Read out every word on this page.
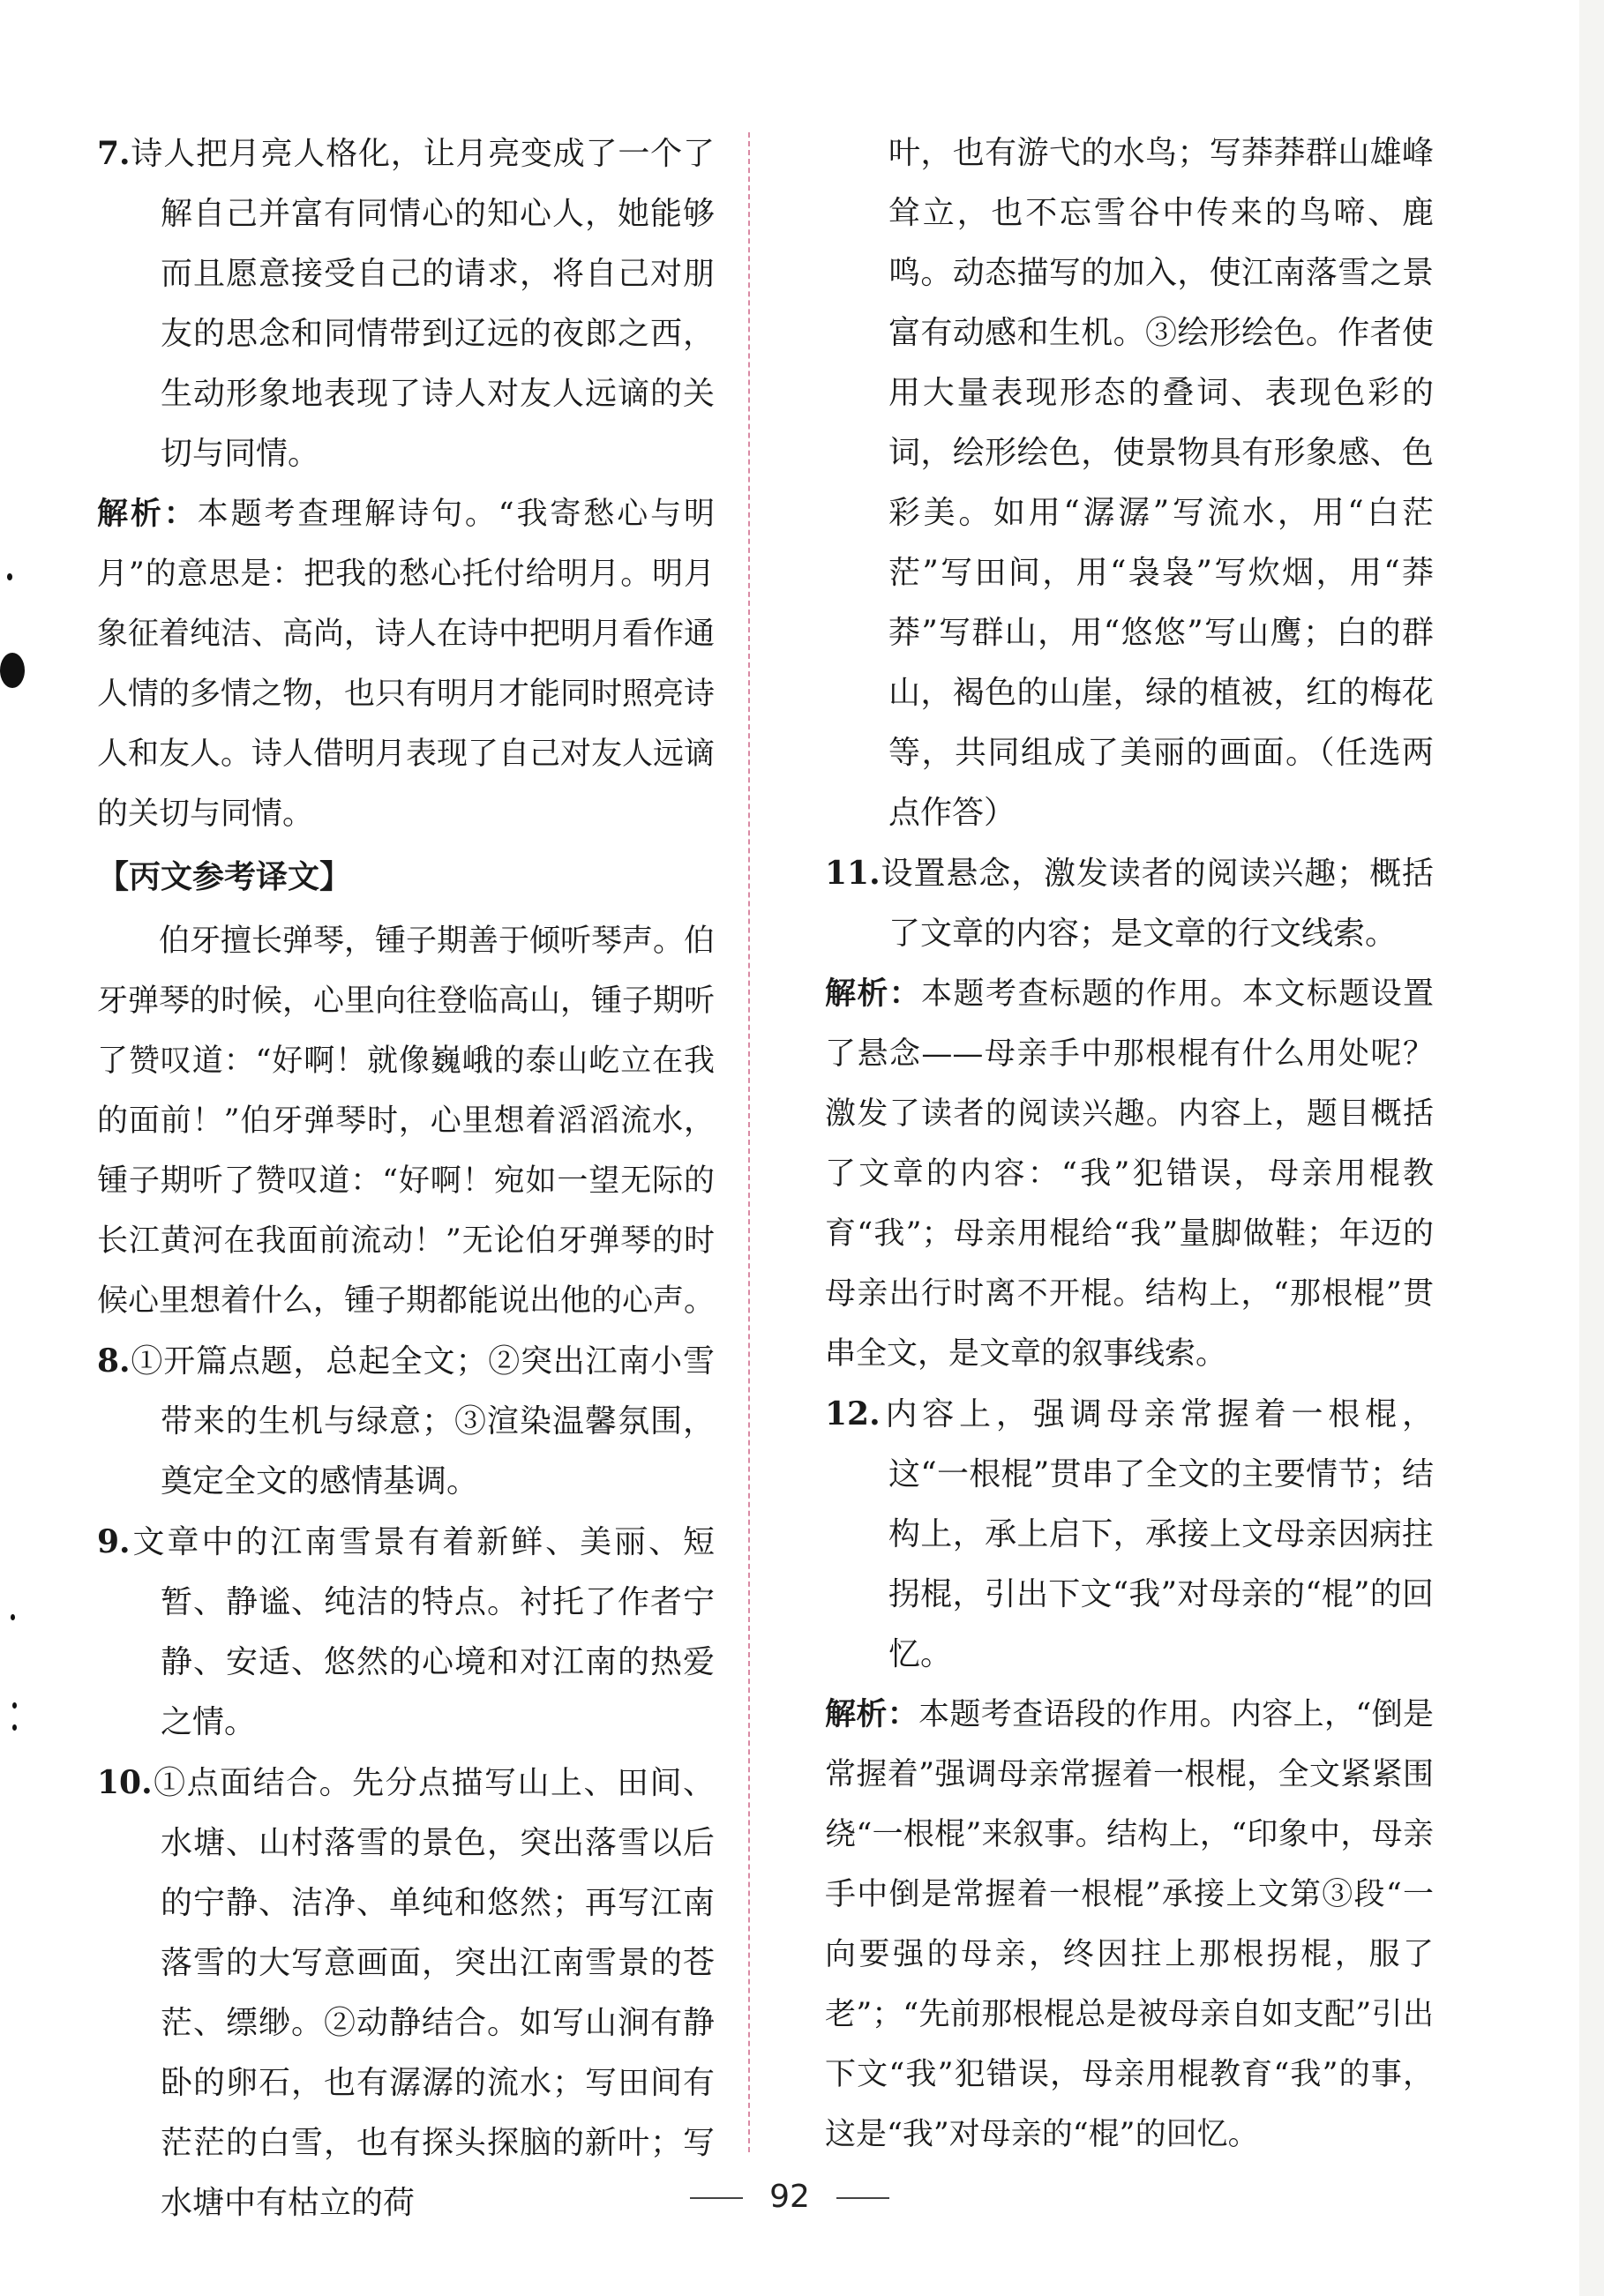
7.诗人把月亮人格化，让月亮变成了一个了解自己并富有同情心的知心人，她能够而且愿意接受自己的请求，将自己对朋友的思念和同情带到辽远的夜郎之西，生动形象地表现了诗人对友人远谪的关切与同情。

解析：本题考查理解诗句。“我寄愁心与明月”的意思是：把我的愁心托付给明月。明月象征着纯洁、高尚，诗人在诗中把明月看作通人情的多情之物，也只有明月才能同时照亮诗人和友人。诗人借明月表现了自己对友人远谪的关切与同情。

【丙文参考译文】

伯牙擅长弹琴，锺子期善于倾听琴声。伯牙弹琴的时候，心里向往登临高山，锺子期听了赞叹道：“好啊！就像巍峨的泰山屹立在我的面前！”伯牙弹琴时，心里想着滔滔流水，锺子期听了赞叹道：“好啊！宛如一望无际的长江黄河在我面前流动！”无论伯牙弹琴的时候心里想着什么，锺子期都能说出他的心声。

8.①开篇点题，总起全文；②突出江南小雪带来的生机与绿意；③渲染温馨氛围，奠定全文的感情基调。

9.文章中的江南雪景有着新鲜、美丽、短暂、静谧、纯洁的特点。衬托了作者宁静、安适、悠然的心境和对江南的热爱之情。

10.①点面结合。先分点描写山上、田间、水塘、山村落雪的景色，突出落雪以后的宁静、洁净、单纯和悠然；再写江南落雪的大写意画面，突出江南雪景的苍茫、缥缈。②动静结合。如写山涧有静卧的卵石，也有潺潺的流水；写田间有茫茫的白雪，也有探头探脑的新叶；写水塘中有枯立的荷

叶，也有游弋的水鸟；写莽莽群山雄峰耸立，也不忘雪谷中传来的鸟啼、鹿鸣。动态描写的加入，使江南落雪之景富有动感和生机。③绘形绘色。作者使用大量表现形态的叠词、表现色彩的词，绘形绘色，使景物具有形象感、色彩美。如用“潺潺”写流水，用“白茫茫”写田间，用“袅袅”写炊烟，用“莽莽”写群山，用“悠悠”写山鹰；白的群山，褐色的山崖，绿的植被，红的梅花等，共同组成了美丽的画面。（任选两点作答）

11.设置悬念，激发读者的阅读兴趣；概括了文章的内容；是文章的行文线索。

解析：本题考查标题的作用。本文标题设置了悬念——母亲手中那根棍有什么用处呢？激发了读者的阅读兴趣。内容上，题目概括了文章的内容：“我”犯错误，母亲用棍教育“我”；母亲用棍给“我”量脚做鞋；年迈的母亲出行时离不开棍。结构上，“那根棍”贯串全文，是文章的叙事线索。

12.内容上，强调母亲常握着一根棍，这“一根棍”贯串了全文的主要情节；结构上，承上启下，承接上文母亲因病拄拐棍，引出下文“我”对母亲的“棍”的回忆。

解析：本题考查语段的作用。内容上，“倒是常握着”强调母亲常握着一根棍，全文紧紧围绕“一根棍”来叙事。结构上，“印象中，母亲手中倒是常握着一根棍”承接上文第③段“一向要强的母亲，终因拄上那根拐棍，服了老”；“先前那根棍总是被母亲自如支配”引出下文“我”犯错误，母亲用棍教育“我”的事，这是“我”对母亲的“棍”的回忆。

92
